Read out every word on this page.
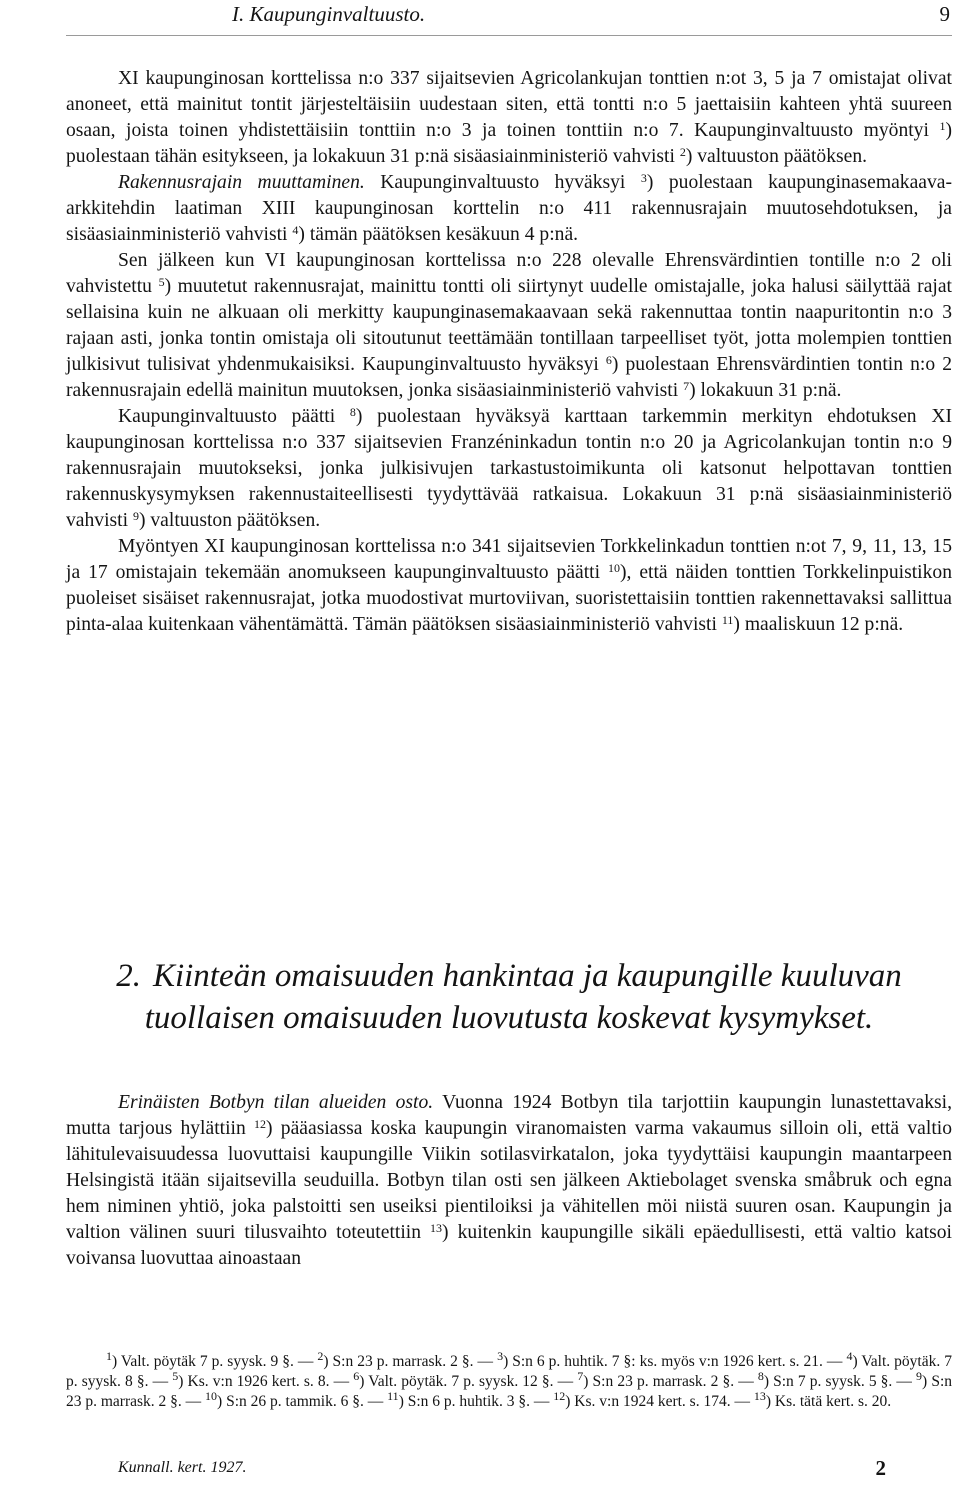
I. Kaupunginvaltuusto.	9

XI kaupunginosan korttelissa n:o 337 sijaitsevien Agricolankujan tonttien n:ot 3, 5 ja 7 omistajat olivat anoneet, että mainitut tontit järjesteltäisiin uudestaan siten, että tontti n:o 5 jaettaisiin kahteen yhtä suureen osaan, joista toinen yhdistettäisiin tonttiin n:o 3 ja toinen tonttiin n:o 7. Kaupunginvaltuusto myöntyi $^1$) puolestaan tähän esitykseen, ja lokakuun 31 p:nä sisäasiainministeriö vahvisti $^2$) valtuuston päätöksen.

Rakennusrajain muuttaminen. Kaupunginvaltuusto hyväksyi $^3$) puolestaan kaupunginasemakaava-arkkitehdin laatiman XIII kaupunginosan korttelin n:o 411 rakennusrajain muutosehdotuksen, ja sisäasiainministeriö vahvisti $^4$) tämän päätöksen kesäkuun 4 p:nä.

Sen jälkeen kun VI kaupunginosan korttelissa n:o 228 olevalle Ehrensvärdintien tontille n:o 2 oli vahvistettu $^5$) muutetut rakennusrajat, mainittu tontti oli siirtynyt uudelle omistajalle, joka halusi säilyttää rajat sellaisina kuin ne alkuaan oli merkitty kaupunginasemakaavaan sekä rakennuttaa tontin naapuritontin n:o 3 rajaan asti, jonka tontin omistaja oli sitoutunut teettämään tontillaan tarpeelliset työt, jotta molempien tonttien julkisivut tulisivat yhdenmukaisiksi. Kaupunginvaltuusto hyväksyi $^6$) puolestaan Ehrensvärdintien tontin n:o 2 rakennusrajain edellä mainitun muutoksen, jonka sisäasiainministeriö vahvisti $^7$) lokakuun 31 p:nä.

Kaupunginvaltuusto päätti $^8$) puolestaan hyväksyä karttaan tarkemmin merkityn ehdotuksen XI kaupunginosan korttelissa n:o 337 sijaitsevien Franzéninkadun tontin n:o 20 ja Agricolankujan tontin n:o 9 rakennusrajain muutokseksi, jonka julkisivujen tarkastustoimikunta oli katsonut helpottavan tonttien rakennuskysymyksen rakennustaiteellisesti tyydyttävää ratkaisua. Lokakuun 31 p:nä sisäasiainministeriö vahvisti $^9$) valtuuston päätöksen.

Myöntyen XI kaupunginosan korttelissa n:o 341 sijaitsevien Torkkelinkadun tonttien n:ot 7, 9, 11, 13, 15 ja 17 omistajain tekemään anomukseen kaupunginvaltuusto päätti $^{10}$), että näiden tonttien Torkkelinpuistikon puoleiset sisäiset rakennusrajat, jotka muodostivat murtoviivan, suoristettaisiin tonttien rakennettavaksi sallittua pinta-alaa kuitenkaan vähentämättä. Tämän päätöksen sisäasiainministeriö vahvisti $^{11}$) maaliskuun 12 p:nä.

2. Kiinteän omaisuuden hankintaa ja kaupungille kuuluvan tuollaisen omaisuuden luovutusta koskevat kysymykset.

Erinäisten Botbyn tilan alueiden osto. Vuonna 1924 Botbyn tila tarjottiin kaupungin lunastettavaksi, mutta tarjous hylättiin $^{12}$) pääasiassa koska kaupungin viranomaisten varma vakaumus silloin oli, että valtio lähitulevaisuudessa luovuttaisi kaupungille Viikin sotilasvirkatalon, joka tyydyttäisi kaupungin maantarpeen Helsingistä itään sijaitsevilla seuduilla. Botbyn tilan osti sen jälkeen Aktiebolaget svenska småbruk och egna hem niminen yhtiö, joka palstoitti sen useiksi pientiloiksi ja vähitellen möi niistä suuren osan. Kaupungin ja valtion välinen suuri tilusvaihto toteutettiin $^{13}$) kuitenkin kaupungille sikäli epäedullisesti, että valtio katsoi voivansa luovuttaa ainoastaan

$^1$) Valt. pöytäk 7 p. syysk. 9 §. — $^2$) S:n 23 p. marrask. 2 §. — $^3$) S:n 6 p. huhtik. 7 §: ks. myös v:n 1926 kert. s. 21. — $^4$) Valt. pöytäk. 7 p. syysk. 8 §. — $^5$) Ks. v:n 1926 kert. s. 8. — $^6$) Valt. pöytäk. 7 p. syysk. 12 §. — $^7$) S:n 23 p. marrask. 2 §. — $^8$) S:n 7 p. syysk. 5 §. — $^9$) S:n 23 p. marrask. 2 §. — $^{10}$) S:n 26 p. tammik. 6 §. — $^{11}$) S:n 6 p. huhtik. 3 §. — $^{12}$) Ks. v:n 1924 kert. s. 174. — $^{13}$) Ks. tätä kert. s. 20.

Kunnall. kert. 1927.	2
